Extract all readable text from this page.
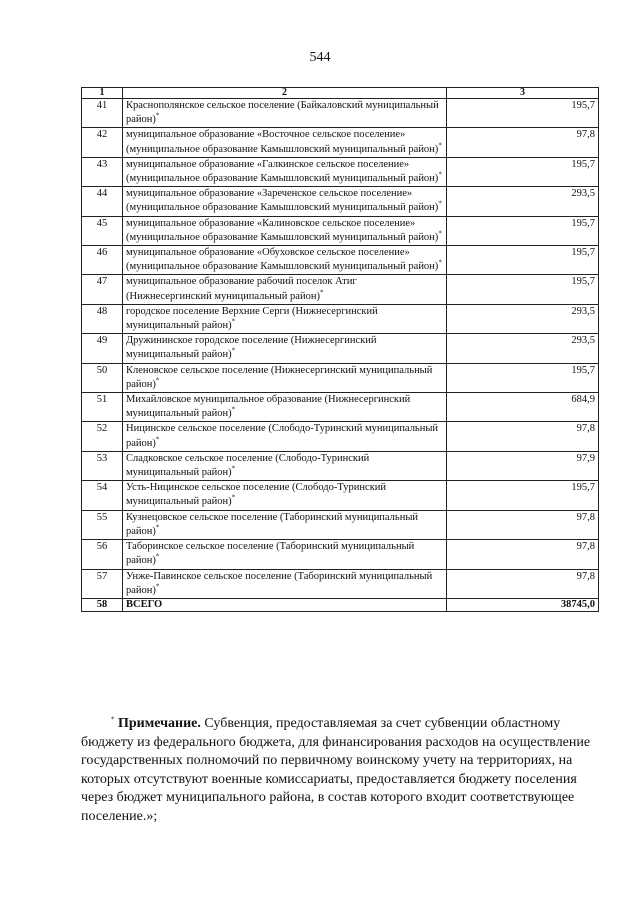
544
1	2	3
41	Краснополянское сельское поселение (Байкаловский муниципальный район)*	195,7
42	муниципальное образование «Восточное сельское поселение» (муниципальное образование Камышловский муниципальный район)*	97,8
43	муниципальное образование «Галкинское сельское поселение» (муниципальное образование Камышловский муниципальный район)*	195,7
44	муниципальное образование «Зареченское сельское поселение» (муниципальное образование Камышловский муниципальный район)*	293,5
45	муниципальное образование «Калиновское сельское поселение» (муниципальное образование Камышловский муниципальный район)*	195,7
46	муниципальное образование «Обуховское сельское поселение» (муниципальное образование Камышловский муниципальный район)*	195,7
47	муниципальное образование рабочий поселок Атиг (Нижнесергинский муниципальный район)*	195,7
48	городское поселение Верхние Серги (Нижнесергинский муниципальный район)*	293,5
49	Дружининское городское поселение (Нижнесергинский муниципальный район)*	293,5
50	Кленовское сельское поселение (Нижнесергинский муниципальный район)*	195,7
51	Михайловское муниципальное образование (Нижнесергинский муниципальный район)*	684,9
52	Ницинское сельское поселение (Слободо-Туринский муниципальный район)*	97,8
53	Сладковское сельское поселение (Слободо-Туринский муниципальный район)*	97,9
54	Усть-Ницинское сельское поселение (Слободо-Туринский муниципальный район)*	195,7
55	Кузнецовское сельское поселение (Таборинский муниципальный район)*	97,8
56	Таборинское сельское поселение (Таборинский муниципальный район)*	97,8
57	Унже-Павинское сельское поселение (Таборинский муниципальный район)*	97,8
58	ВСЕГО	38745,0
* Примечание. Субвенция, предоставляемая за счет субвенции областному бюджету из федерального бюджета, для финансирования расходов на осуществление государственных полномочий по первичному воинскому учету на территориях, на которых отсутствуют военные комиссариаты, предоставляется бюджету поселения через бюджет муниципального района, в состав которого входит соответствующее поселение.»;
